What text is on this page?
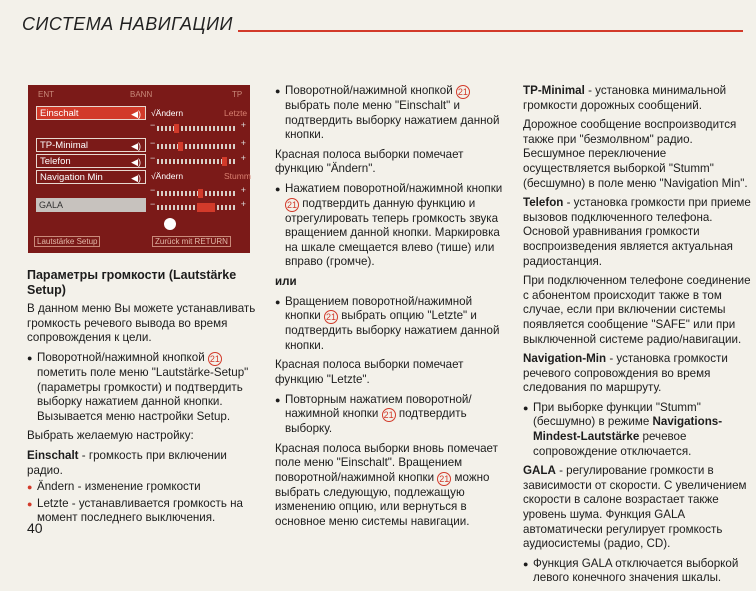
СИСТЕМА НАВИГАЦИИ
ENT	BANN	TP
Einschalt	◀) √Ändern	Letzte
−	+
TP-Minimal	◀) −	+
Telefon	◀) −	+
Navigation Min	◀) √Ändern	Stumm
−	+
GALA	−	+
Lautstärke Setup	Zurück mit RETURN

Параметры громкости (Lautstärke Setup)

В данном меню Вы можете устанавливать громкость речевого вывода во время сопровождения к цели.

● Поворотной/нажимной кнопкой 21 пометить поле меню "Lautstärke-Setup" (параметры громкости) и подтвердить выборку нажатием данной кнопки. Вызывается меню настройки Setup.

Выбрать желаемую настройку:

Einschalt - громкость при включении радио.

● Ändern - изменение громкости

● Letzte - устанавливается громкость на момент последнего выключения.

● Поворотной/нажимной кнопкой 21 выбрать поле меню "Einschalt" и подтвердить выборку нажатием данной кнопки.

Красная полоса выборки помечает функцию "Ändern".

● Нажатием поворотной/нажимной кнопки 21 подтвердить данную функцию и отрегулировать теперь громкость звука вращением данной кнопки. Маркировка на шкале смещается влево (тише) или вправо (громче).

или

● Вращением поворотной/нажимной кнопки 21 выбрать опцию "Letzte" и подтвердить выборку нажатием данной кнопки.

Красная полоса выборки помечает функцию "Letzte".

● Повторным нажатием поворотной/нажимной кнопки 21 подтвердить выборку.

Красная полоса выборки вновь помечает поле меню "Einschalt". Вращением поворотной/нажимной кнопки 21 можно выбрать следующую, подлежащую изменению опцию, или вернуться в основное меню системы навигации.

TP-Minimal - установка минимальной громкости дорожных сообщений.

Дорожное сообщение воспроизводится также при "безмолвном" радио. Бесшумное переключение осуществляется выборкой "Stumm" (бесшумно) в поле меню "Navigation Min".

Telefon - установка громкости при приеме вызовов подключенного телефона. Основой уравнивания громкости воспроизведения является актуальная радиостанция.

При подключенном телефоне соединение с абонентом происходит также в том случае, если при включении системы появляется сообщение "SAFE" или при выключенной системе радио/навигации.

Navigation-Min - установка громкости речевого сопровождения во время следования по маршруту.

● При выборке функции "Stumm" (бесшумно) в режиме Navigations-Mindest-Lautstärke речевое сопровождение отключается.

GALA - регулирование громкости в зависимости от скорости. С увеличением скорости в салоне возрастает также уровень шума. Функция GALA автоматически регулирует громкость аудиосистемы (радио, CD).

● Функция GALA отключается выборкой левого конечного значения шкалы.

40
